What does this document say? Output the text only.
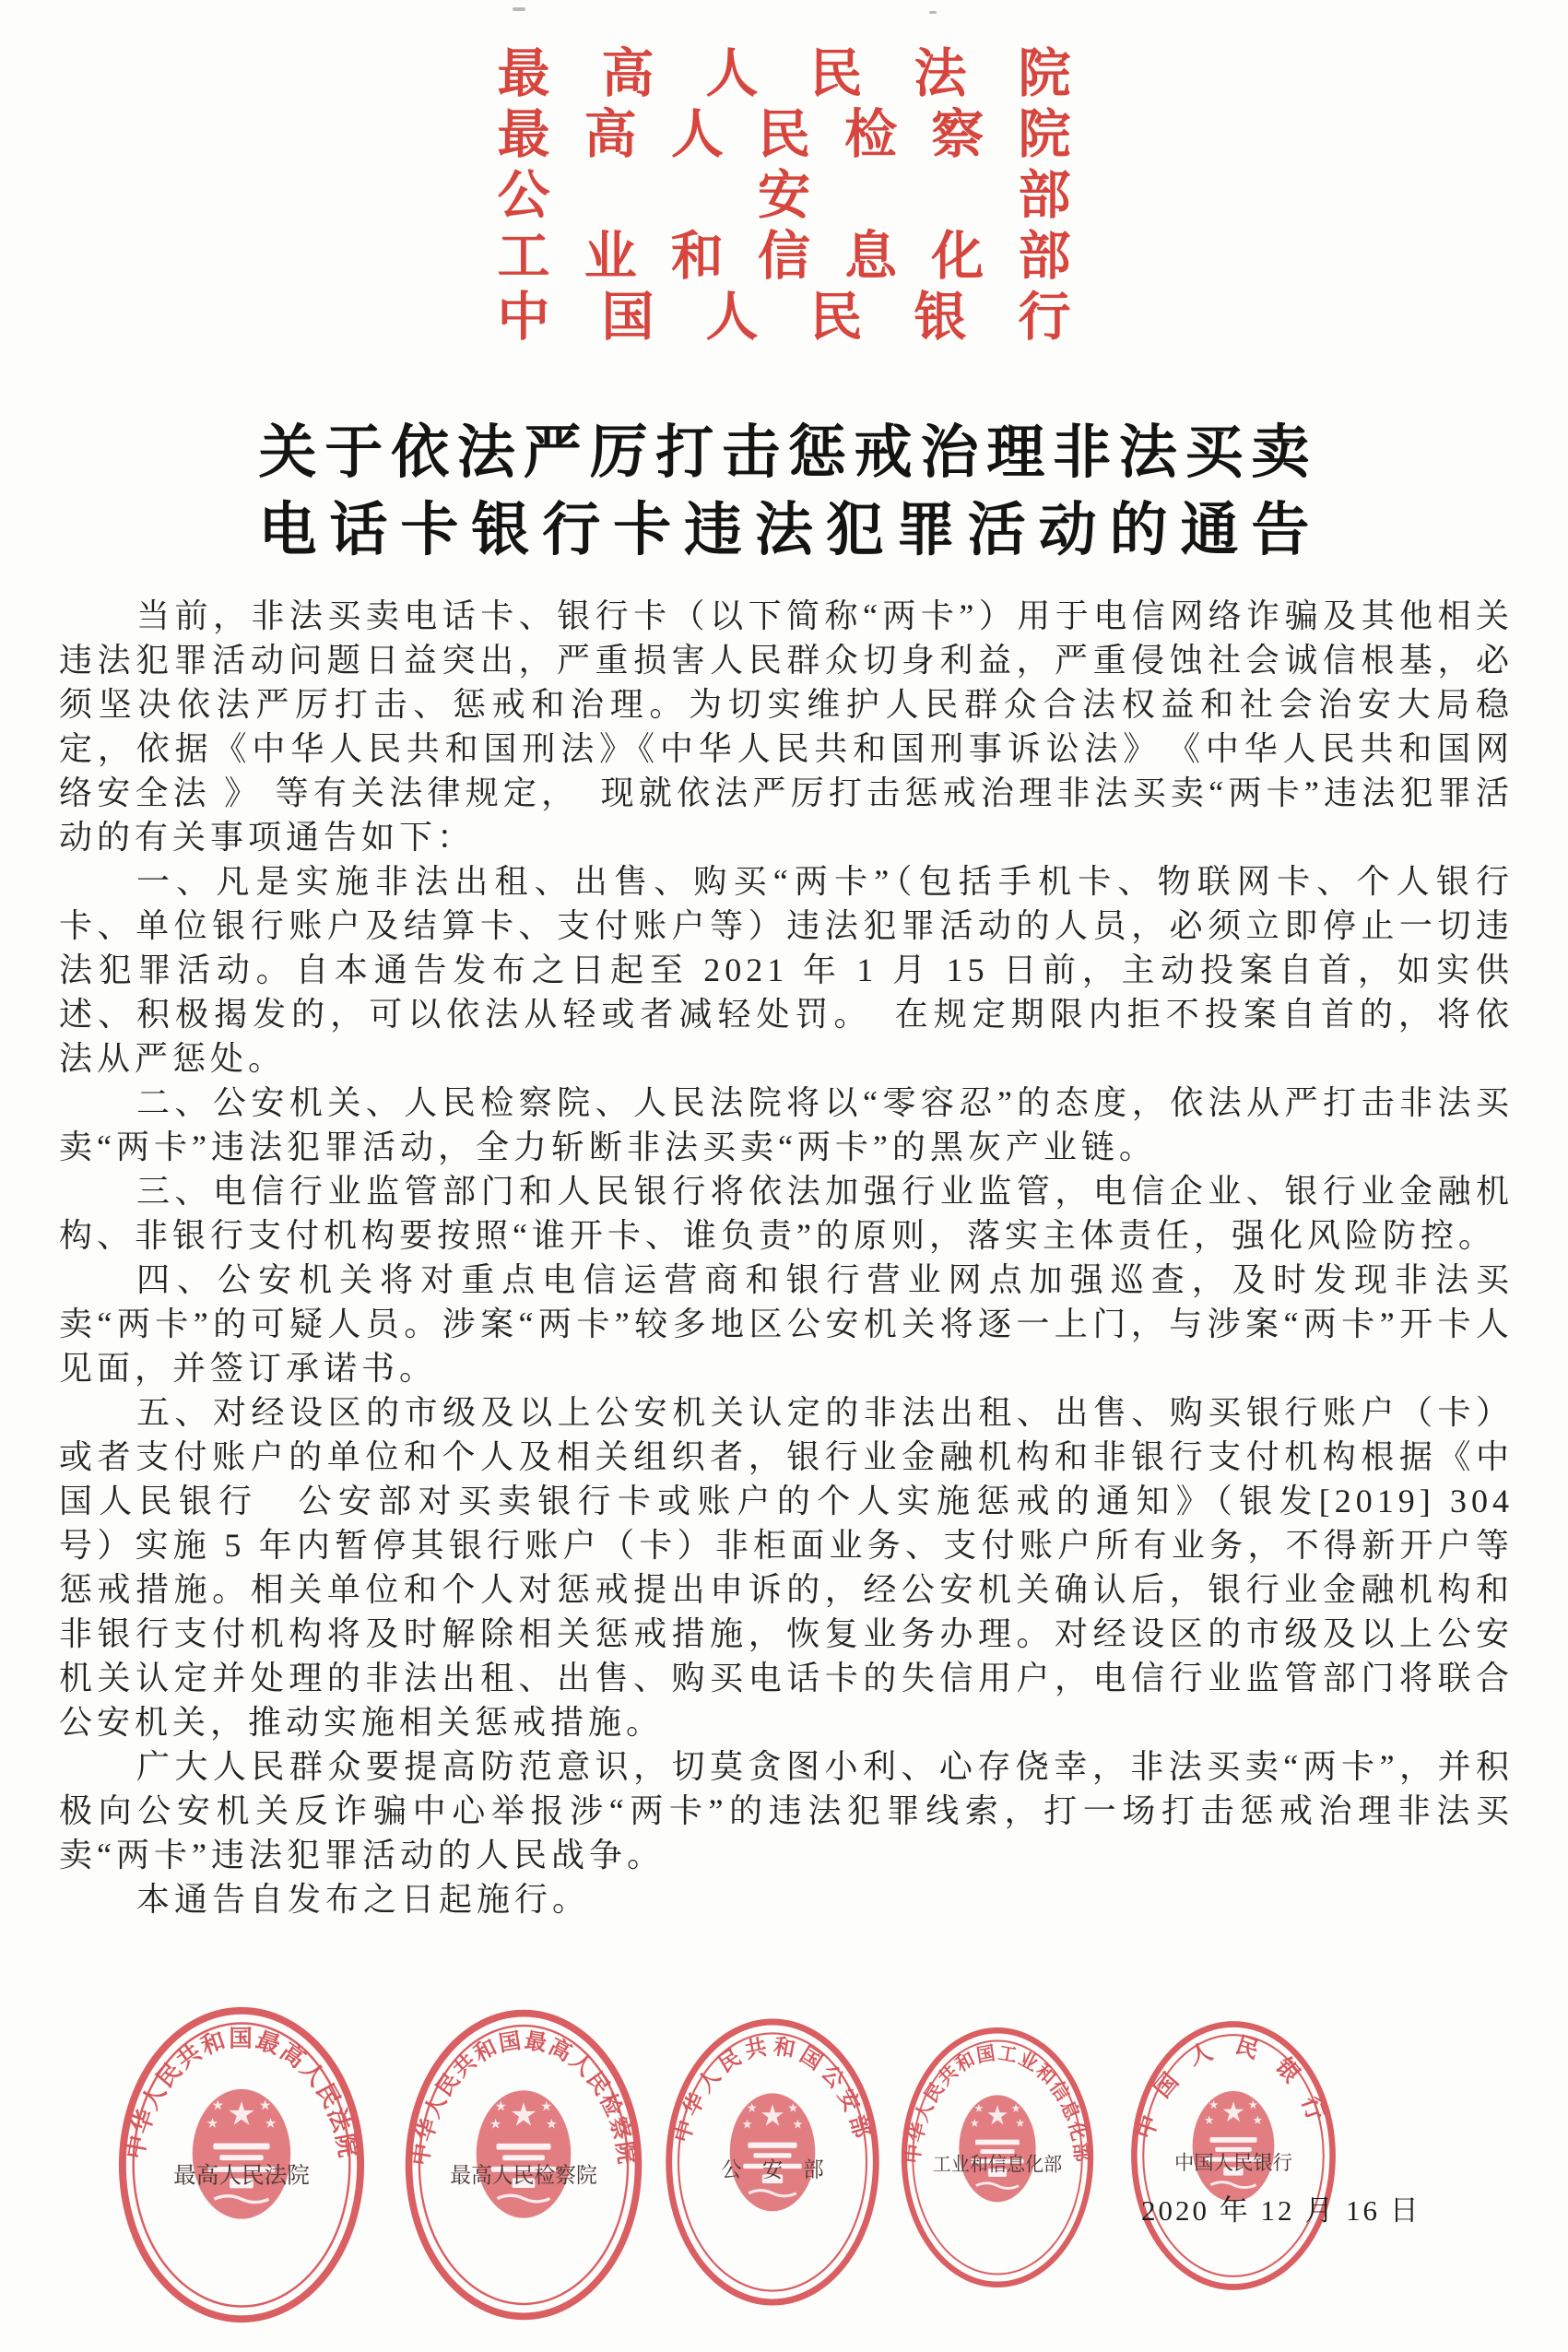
最 高 人 民 法 院
最 高 人 民 检 察 院
公	安	部
工 业 和 信 息 化 部
中 国 人 民 银 行
关 于 依 法 严 厉 打 击 惩 戒 治 理 非 法 买 卖
电 话 卡 银 行 卡 违 法 犯 罪 活 动 的 通 告

当前，非法买卖电话卡、银行卡（以下简称“两卡”）用于电信网络诈骗及其他相关违法犯罪活动问题日益突出，严重损害人民群众切身利益，严重侵蚀社会诚信根基，必须坚决依法严厉打击、惩戒和治理。为切实维护人民群众合法权益和社会治安大局稳定，依据《中华人民共和国刑法》《中华人民共和国刑事诉讼法》　《中华人民共和国网络安全法 》 等有关法律规定，　现就依法严厉打击惩戒治理非法买卖“两卡”违法犯罪活动的有关事项通告如下：

一、凡是实施非法出租、出售、购买“两卡”（包括手机卡、物联网卡、个人银行卡、单位银行账户及结算卡、支付账户等）违法犯罪活动的人员，必须立即停止一切违法犯罪活动。自本通告发布之日起至 2021 年 1 月 15 日前，主动投案自首，如实供述、积极揭发的，可以依法从轻或者减轻处罚。　在规定期限内拒不投案自首的，将依法从严惩处。

二、公安机关、人民检察院、人民法院将以“零容忍”的态度，依法从严打击非法买卖“两卡”违法犯罪活动，全力斩断非法买卖“两卡”的黑灰产业链。

三、电信行业监管部门和人民银行将依法加强行业监管，电信企业、银行业金融机构、非银行支付机构要按照“谁开卡、谁负责”的原则，落实主体责任，强化风险防控。

四、公安机关将对重点电信运营商和银行营业网点加强巡查，及时发现非法买卖“两卡”的可疑人员。涉案“两卡”较多地区公安机关将逐一上门，与涉案“两卡”开卡人见面，并签订承诺书。

五、对经设区的市级及以上公安机关认定的非法出租、出售、购买银行账户（卡）或者支付账户的单位和个人及相关组织者，银行业金融机构和非银行支付机构根据《中国人民银行　公安部对买卖银行卡或账户的个人实施惩戒的通知》（银发[2019] 304 号）实施 5 年内暂停其银行账户（卡）非柜面业务、支付账户所有业务，不得新开户等惩戒措施。相关单位和个人对惩戒提出申诉的，经公安机关确认后，银行业金融机构和非银行支付机构将及时解除相关惩戒措施，恢复业务办理。对经设区的市级及以上公安机关认定并处理的非法出租、出售、购买电话卡的失信用户，电信行业监管部门将联合公安机关，推动实施相关惩戒措施。

广大人民群众要提高防范意识，切莫贪图小利、心存侥幸，非法买卖“两卡”，并积极向公安机关反诈骗中心举报涉“两卡”的违法犯罪线索，打一场打击惩戒治理非法买卖“两卡”违法犯罪活动的人民战争。

本通告自发布之日起施行。

中华人民共和国最高人民法院
最高人民法院
中华人民共和国最高人民检察院
最高人民检察院
中华人民共和国公安部
公　安　部
中华人民共和国工业和信息化部
工业和信息化部
中国人民银行
中国人民银行
2020 年 12 月 16 日
